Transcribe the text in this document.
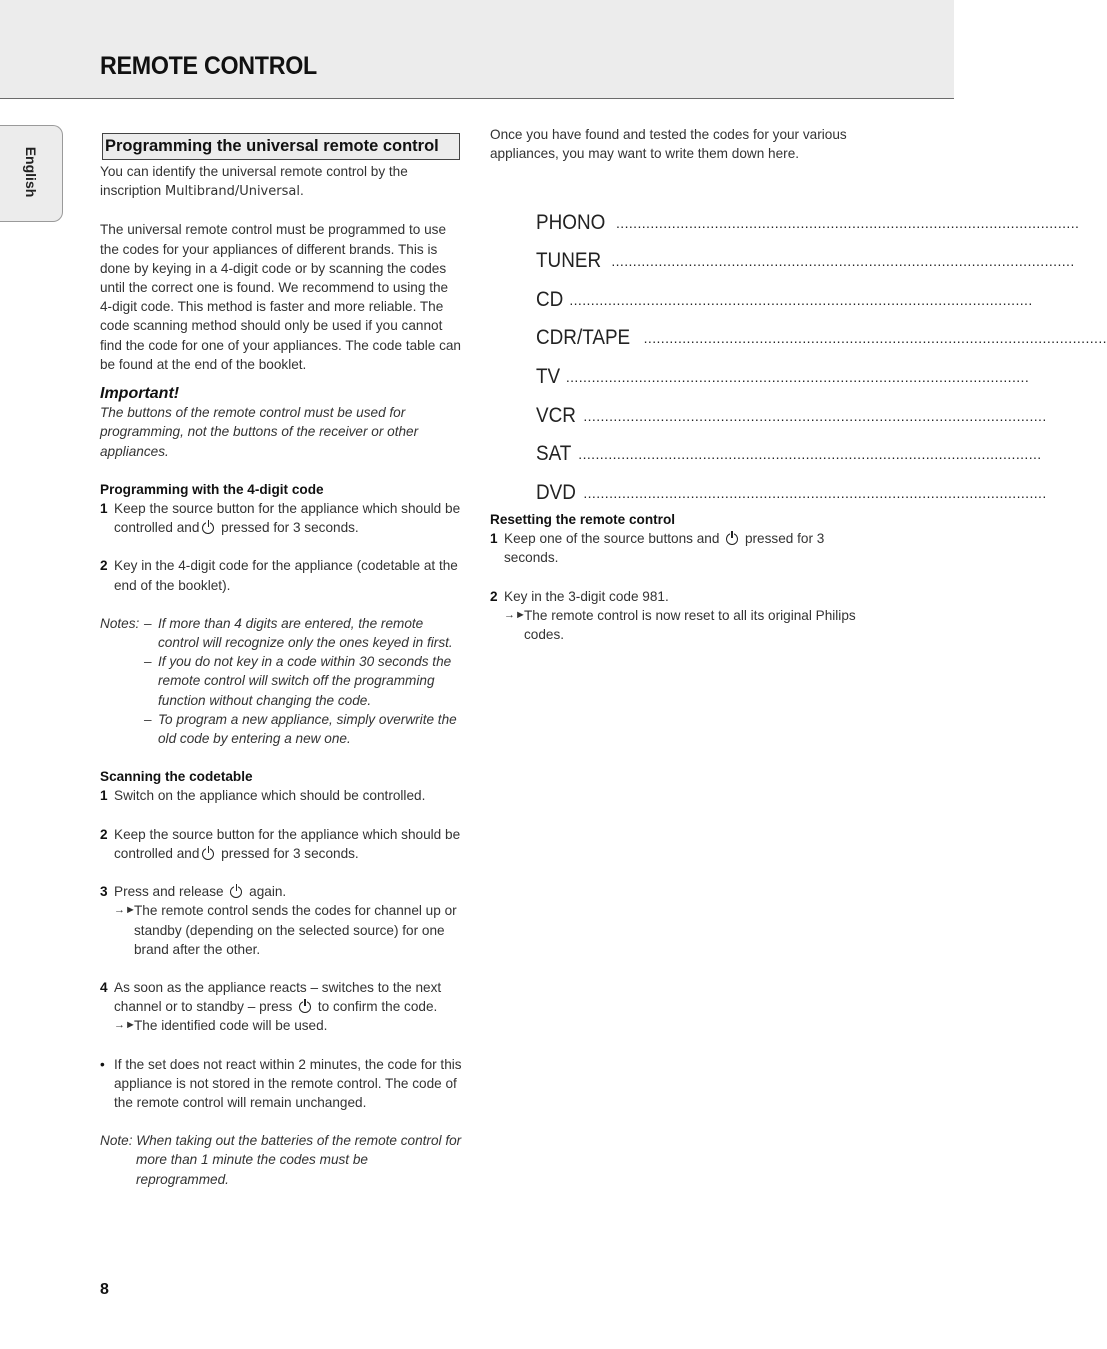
REMOTE CONTROL
English
Programming the universal remote control

You can identify the universal remote control by the inscription Multibrand/Universal.

The universal remote control must be programmed to use the codes for your appliances of different brands. This is done by keying in a 4-digit code or by scanning the codes until the correct one is found. We recommend to using the 4-digit code. This method is faster and more reliable. The code scanning method should only be used if you cannot find the code for one of your appliances. The code table can be found at the end of the booklet.

Important!

The buttons of the remote control must be used for programming, not the buttons of the receiver or other appliances.

Programming with the 4-digit code

1 Keep the source button for the appliance which should be controlled and pressed for 3 seconds.
2 Key in the 4-digit code for the appliance (codetable at the end of the booklet).
Notes: – If more than 4 digits are entered, the remote control will recognize only the ones keyed in first.
– If you do not key in a code within 30 seconds the remote control will switch off the programming function without changing the code.
– To program a new appliance, simply overwrite the old code by entering a new one.

Scanning the codetable

1 Switch on the appliance which should be controlled.
2 Keep the source button for the appliance which should be controlled and pressed for 3 seconds.
3 Press and release  again.
→►
The remote control sends the codes for channel up or standby (depending on the selected source) for one brand after the other.
4 As soon as the appliance reacts – switches to the next channel or to standby – press  to confirm the code.
→►
The identified code will be used.
• If the set does not react within 2 minutes, the code for this appliance is not stored in the remote control. The code of the remote control will remain unchanged.

Note: When taking out the batteries of the remote control for more than 1 minute the codes must be reprogrammed.

Once you have found and tested the codes for your various appliances, you may want to write them down here.

PHONO ............................................................................................................
TUNER ............................................................................................................
CD ............................................................................................................
CDR/TAPE ............................................................................................................
TV ............................................................................................................
VCR ............................................................................................................
SAT ............................................................................................................
DVD ............................................................................................................

Resetting the remote control

1 Keep one of the source buttons and  pressed for 3 seconds.
2 Key in the 3-digit code 981.
→►
The remote control is now reset to all its original Philips codes.
8
